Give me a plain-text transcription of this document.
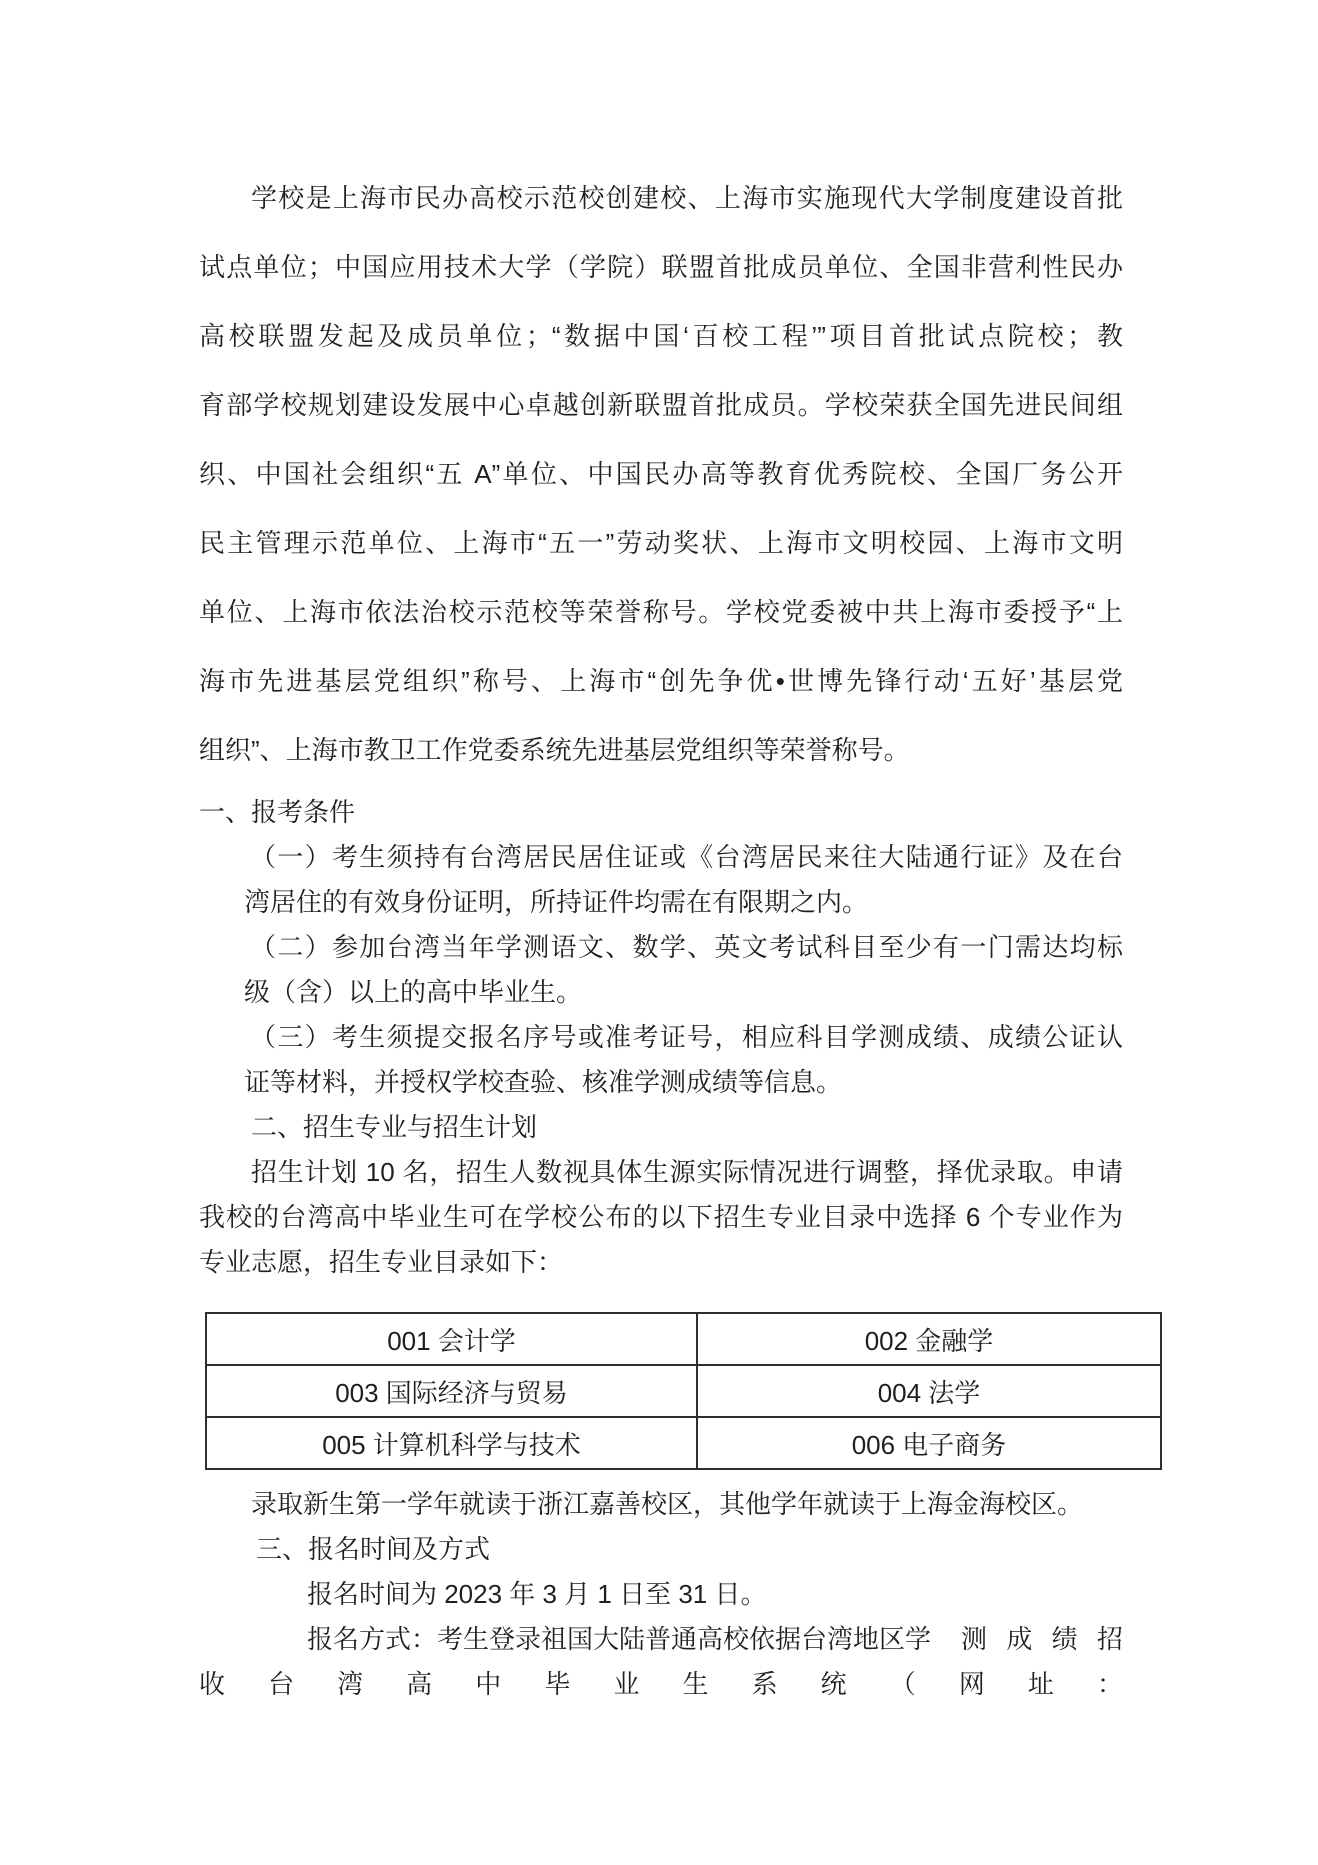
学校是上海市民办高校示范校创建校、上海市实施现代大学制度建设首批
试点单位；中国应用技术大学（学院）联盟首批成员单位、全国非营利性民办
高校联盟发起及成员单位；“数据中国‘百校工程’”项目首批试点院校；教
育部学校规划建设发展中心卓越创新联盟首批成员。学校荣获全国先进民间组
织、中国社会组织“五 A”单位、中国民办高等教育优秀院校、全国厂务公开
民主管理示范单位、上海市“五一”劳动奖状、上海市文明校园、上海市文明
单位、上海市依法治校示范校等荣誉称号。学校党委被中共上海市委授予“上
海市先进基层党组织”称号、上海市“创先争优•世博先锋行动‘五好’基层党
组织”、上海市教卫工作党委系统先进基层党组织等荣誉称号。
一、报考条件
（一）考生须持有台湾居民居住证或《台湾居民来往大陆通行证》及在台
湾居住的有效身份证明，所持证件均需在有限期之内。
（二）参加台湾当年学测语文、数学、英文考试科目至少有一门需达均标
级（含）以上的高中毕业生。
（三）考生须提交报名序号或准考证号，相应科目学测成绩、成绩公证认
证等材料，并授权学校查验、核准学测成绩等信息。
二、招生专业与招生计划
招生计划 10 名，招生人数视具体生源实际情况进行调整，择优录取。申请
我校的台湾高中毕业生可在学校公布的以下招生专业目录中选择 6 个专业作为
专业志愿，招生专业目录如下：
001 会计学	002 金融学
003 国际经济与贸易	004 法学
005 计算机科学与技术	006 电子商务
录取新生第一学年就读于浙江嘉善校区，其他学年就读于上海金海校区。
三、报名时间及方式
报名时间为 2023 年 3 月 1 日至 31 日。
报名方式：考生登录祖国大陆普通高校依据台湾地区学	测 成 绩 招
收 台 湾 高 中 毕 业 生 系 统 （ 网 址 ：
